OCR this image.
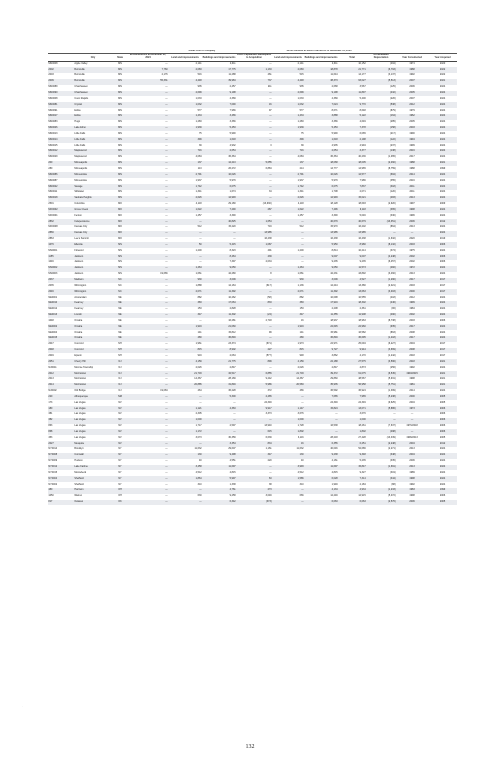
				Initial Cost to Company			Gross Amount at Which Carried As of December 31, 2024					
	City	State	Encumbrances at December 31, 2024	Land and improvements	Buildings and improvements	Costs Capitalized Subsequent to Acquisition	Land and improvements	Buildings and improvements	Total	Accumulated Depreciation	Year Constructed	Year Acquired
MN0008	Apple Valley	MN	—	2,141	4,611	—	2,141	4,611	10,152	(494)	1974	2020
2002	Burnsville	MN	7,760	2,083	17,775	1,133	2,083	18,878	21,771	(6,793)	1988	2022
2003	Burnsville	MN	2,176	516	11,288	461	515	11,644	14,177	(3,137)	1992	2022
2009	Burnsville	MN	55,331	4,448	39,984	737	4,448	38,373	63,027	(5,513)	2007	2021
MN0089	Chanhassen	MN	—	935	2,457	211	935	2,668	3,567	(125)	2006	2024
MN0090	Chanhassen	MN	—	2,699	9,198	—	2,699	9,198	11,897	(432)	2005	2024
MN0008	Coon Rapids	MN	—	1,033	4,369	—	1,033	4,369	5,400	(226)	2007	2024
MN0081	Crystal	MN	—	1,032	7,090	16	1,032	7,024	9,770	(538)	2012	2024
MN0091	Edina	MN	—	577	7,966	97	577	8,671	8,648	(879)	1979	2024
MN0017	Edina	MN	—	1,434	3,466	—	1,434	3,888	5,122	(164)	1962	2024
MN0083	Hugo	MN	—	1,283	3,366	—	1,283	3,366	4,649	(285)	2005	2024
MN0026	Lake Elmo	MN	—	1,939	5,453	—	1,939	5,453	7,378	(158)	2003	2024
MN0013	Little Falls	MN	—	75	5,990	—	75	5,990	6,065	(217)	1990	2024
MN0014	Little Falls	MN	—	399	1,618	—	399	1,618	2,198	(122)	1994	2024
MN0015	Little Falls	MN	—	39	4,932	3	39	4,935	4,994	(237)	1999	2024
MN0012	Maplewood	MN	—	716	2,654	—	716	2,654	3,377	(138)	2016	2024
MN0029	Maplewood	MN	—	4,084	36,364	—	4,084	36,364	40,236	(1,065)	2017	2024
200	Minneapolis	MN	—	137	12,213	5,655	137	18,068	18,005	(2,460)	1988	2021
280	Minneapolis	MN	—	113	26,272	6,884	214	14,777	14,965	(8,759)	1988	1999
MN0086	Minnetonka	MN	—	2,791	10,026	—	2,791	10,026	12,577	(694)	2014	2024
MN0087	Minnetonka	MN	—	1,937	5,979	—	1,937	5,979	7,986	(355)	2016	2024
MN0022	Savage	MN	—	1,742	6,075	—	1,742	6,075	7,837	(318)	2011	2024
MN0011	Stillwater	MN	—	1,341	1,674	34	1,341	1,708	2,071	(120)	2011	2024
MN0018	Vadnais Heights	MN	—	2,626	12,993	—	2,626	12,993	15,021	(483)	2013	2024
2501	Columbia	MO	—	4,118	29,180	(13,930)	4,118	18,128	18,693	(2,920)	1997	2009
MO0002	Grove Creek	MO	—	1,622	7,290	287	1,622	7,496	9,118	(365)	1998	2024
MO0001	Fenton	MO	—	1,457	3,390	—	1,457	3,390	5,046	(330)	1996	2024
2832	Independence	MO	—	—	40,825	1,654	—	40,679	40,679	(13,351)	2006	2012
MO0008	Kansas City	MO	—	512	15,220	719	512	15,970	16,202	(864)	2013	2024
2866	Kansas City	MO	—	—	—	13,985	—	13,985	13,985	—	—	2024
2863	Lee's Summit	MO	—	—	—	16,438	—	16,438	16,438	(1,632)	2020	2019
1076	Ellerslie	MS	—	50	5,415	1,087	—	5,950	8,980	(8,132)	2003	2006
MS0001	Flowood	MS	—	1,200	8,323	491	1,200	8,814	10,214	(374)	1975	2024
1155	Jackson	MS	—	—	8,464	439	—	9,007	9,007	(4,248)	2002	2006
1046	Jackson	MS	—	—	7,397	2,034	—	9,235	9,235	(6,457)	2002	2006
MS0002	Jackson	MS	—	1,464	9,050	—	1,464	9,050	11,573	(482)	1972	2024
MS0003	Jackson	MS	19,666	1,661	42,280	8	1,661	42,231	43,892	(3,460)	2013	2024
2037	Madison	NC	—	930	3,009	—	930	3,009	4,527	(1,290)	2017	2017
2035	Wilmington	NC	—	1,888	12,164	(617)	1,136	12,244	13,380	(2,021)	2003	2017
2046	Wilmington	NC	—	2,071	11,392	—	2,071	11,392	13,663	(3,003)	2000	2017
NE0001	Amsterdam	NE	—	882	10,262	(58)	882	10,098	10,555	(418)	2012	2024
NE0010	Kearney	NE	—	383	17,064	833	383	17,919	18,302	(446)	1999	2024
NE0012	Kearney	NE	—	153	2,828	—	153	2,208	2,361	(96)	1984	2024
NE0013	Lincoln	NE	—	347	11,302	(24)	347	11,355	11,908	(490)	2002	2024
1048	Omaha	NE	—	—	16,281	2,718	16	18,937	18,963	(8,738)	2003	2006
NE0002	Omaha	NE	—	1,919	21,060	—	1,919	22,645	22,960	(935)	2017	2024
NE0004	Omaha	NE	—	141	15,812	99	141	15,981	16,582	(863)	2008	2024
NE0015	Omaha	NE	—	480	36,849	—	480	36,849	36,695	(1,418)	2017	2024
2047	Concord	NH	—	1,961	23,374	(671)	1,973	22,971	25,094	(6,227)	2004	2017
2048	Concord	NH	—	815	8,902	227	815	9,727	9,944	(3,669)	2008	2017
2049	Epsom	NH	—	919	2,064	(577)	948	3,862	4,170	(1,242)	2018	2017
2051	Cherry Hill	NJ	—	4,159	21,775	899	4,159	22,188	27,575	(3,596)	2018	2021
NJ0041	Monroe Township	NJ	—	2,026	2,847	—	2,026	2,847	4,873	(256)	1992	2024
2012	Morristown	NJ	—	21,703	32,517	6,855	21,703	39,372	61,075	(6,545)	1993/2015	2021
2013	Morristown	NJ	—	14,367	28,169	9,242	14,367	29,860	48,567	(5,931)	1998	2021
2014	Morristown	NJ	—	20,885	31,849	5,986	20,583	35,935	56,958	(5,751)	1981	2021
NJ0002	Old Bridge	NJ	19,084	464	36,228	372	466	36,592	36,924	(1,399)	2014	2024
220	Albuquerque	NM	—	—	5,300	2,465	—	7,665	7,965	(5,238)	2000	2005
173	Las Vegas	NV	—	—	—	24,349	—	24,349	24,349	(9,625)	2004	2005
180	Las Vegas	NV	—	1,121	4,363	9,917	1,147	15,824	13,071	(5,886)	1973	2006
381	Las Vegas	NV	—	2,305	—	3,373	3,676	—	3,676	—	—	2006
382	Las Vegas	NV	—	1,000	—	—	1,000	—	1,000	—	—	2006
863	Las Vegas	NV	—	1,717	2,597	13,940	1,728	16,538	18,261	(7,637)	1976/2018	2006
868	Las Vegas	NV	—	1,172	—	615	1,802	—	1,802	(498)	—	2006
453	Las Vegas	NV	—	3,073	30,359	6,639	3,116	28,218	27,428	(13,339)	1999/2013	2005
2027	Mesquite	NV	—	—	3,354	834	16	6,355	6,251	(2,248)	2004	2012
NY0014	Brooklyn	NY	—	11,632	29,607	1,161	11,632	40,046	52,686	(2,271)	2013	2024
NY0008	Cornwall	NY	—	130	9,498	347	130	9,238	9,348	(348)	2004	2024
NY0009	Hudson	NY	—	40	4,551	220	40	4,161	5,235	(335)	2006	2024
NY0012	Lake Katrine	NY	—	3,458	11,697	—	3,993	11,697	15,847	(1,691)	2013	2024
NY0015	Montebeck	NY	—	4,512	4,815	—	4,512	4,815	9,327	(319)	1989	2024
NY0004	Sheffield	NY	—	1,864	5,997	63	1,586	6,028	7,314	(344)	1998	2024
NY0002	Sheffield	NY	—	310	1,338	38	310	1,949	2,184	(88)	1992	2024
480	Harrison	OH	—	—	4,761	273	—	4,134	4,934	(1,233)	1983	1999
1050	Warren	OH	—	630	9,258	3,049	666	12,249	12,915	(5,072)	1998	2006
817	Owasso	OK	—	—	6,342	(373)	—	6,063	6,063	(2,576)	2006	2005
'
132
